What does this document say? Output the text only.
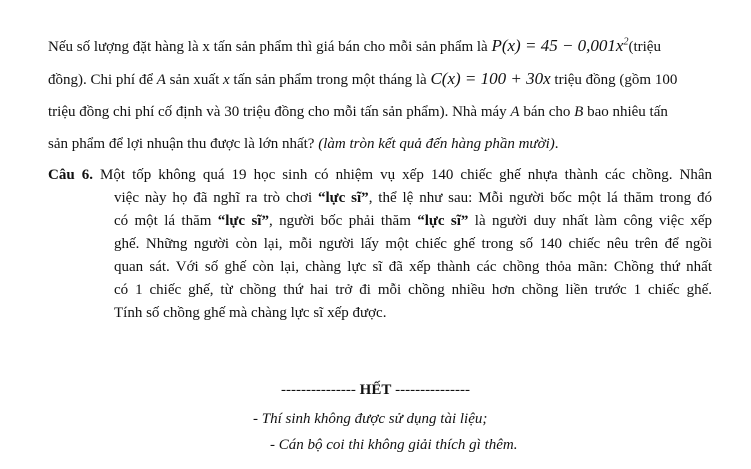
Nếu số lượng đặt hàng là x tấn sản phẩm thì giá bán cho mỗi sản phẩm là $P(x) = 45 - 0,001x^2(triệu$
đồng). Chi phí để A sản xuất x tấn sản phẩm trong một tháng là C(x) = 100 + 30x triệu đồng (gồm 100
triệu đồng chi phí cố định và 30 triệu đồng cho mỗi tấn sản phẩm). Nhà máy A bán cho B bao nhiêu tấn
sản phẩm để lợi nhuận thu được là lớn nhất? (làm tròn kết quả đến hàng phần mười).

Câu 6. Một tốp không quá 19 học sinh có nhiệm vụ xếp 140 chiếc ghế nhựa thành các chồng. Nhân
việc này họ đã nghĩ ra trò chơi “lực sĩ”, thể lệ như sau: Mỗi người bốc một lá thăm trong đó
có một lá thăm “lực sĩ”, người bốc phải thăm “lực sĩ” là người duy nhất làm công việc xếp
ghế. Những người còn lại, mỗi người lấy một chiếc ghế trong số 140 chiếc nêu trên để ngồi
quan sát. Với số ghế còn lại, chàng lực sĩ đã xếp thành các chồng thỏa mãn: Chồng thứ nhất
có 1 chiếc ghế, từ chồng thứ hai trở đi mỗi chồng nhiều hơn chồng liền trước 1 chiếc ghế.
Tính số chồng ghế mà chàng lực sĩ xếp được.

--------------- HẾT ---------------

- Thí sinh không được sử dụng tài liệu;

- Cán bộ coi thi không giải thích gì thêm.
